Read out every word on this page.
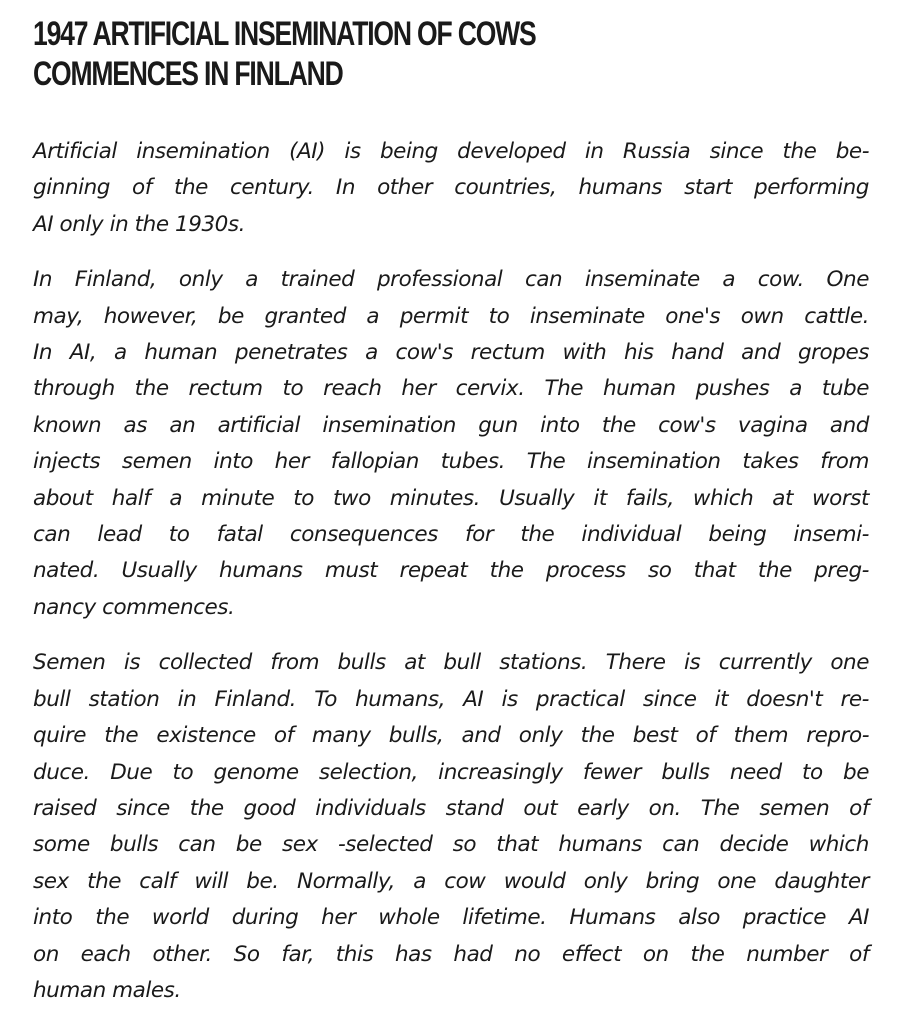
1947 ARTIFICIAL INSEMINATION OF COWS
COMMENCES IN FINLAND

Artificial insemination (AI) is being developed in Russia since the be-
ginning of the century. In other countries, humans start performing
AI only in the 1930s.

In Finland, only a trained professional can inseminate a cow. One
may, however, be granted a permit to inseminate one's own cattle.
In AI, a human penetrates a cow's rectum with his hand and gropes
through the rectum to reach her cervix. The human pushes a tube
known as an artificial insemination gun into the cow's vagina and
injects semen into her fallopian tubes. The insemination takes from
about half a minute to two minutes. Usually it fails, which at worst
can lead to fatal consequences for the individual being insemi-
nated. Usually humans must repeat the process so that the preg-
nancy commences.

Semen is collected from bulls at bull stations. There is currently one
bull station in Finland. To humans, AI is practical since it doesn't re-
quire the existence of many bulls, and only the best of them repro-
duce. Due to genome selection, increasingly fewer bulls need to be
raised since the good individuals stand out early on. The semen of
some bulls can be sex -selected so that humans can decide which
sex the calf will be. Normally, a cow would only bring one daughter
into the world during her whole lifetime. Humans also practice AI
on each other. So far, this has had no effect on the number of
human males.
